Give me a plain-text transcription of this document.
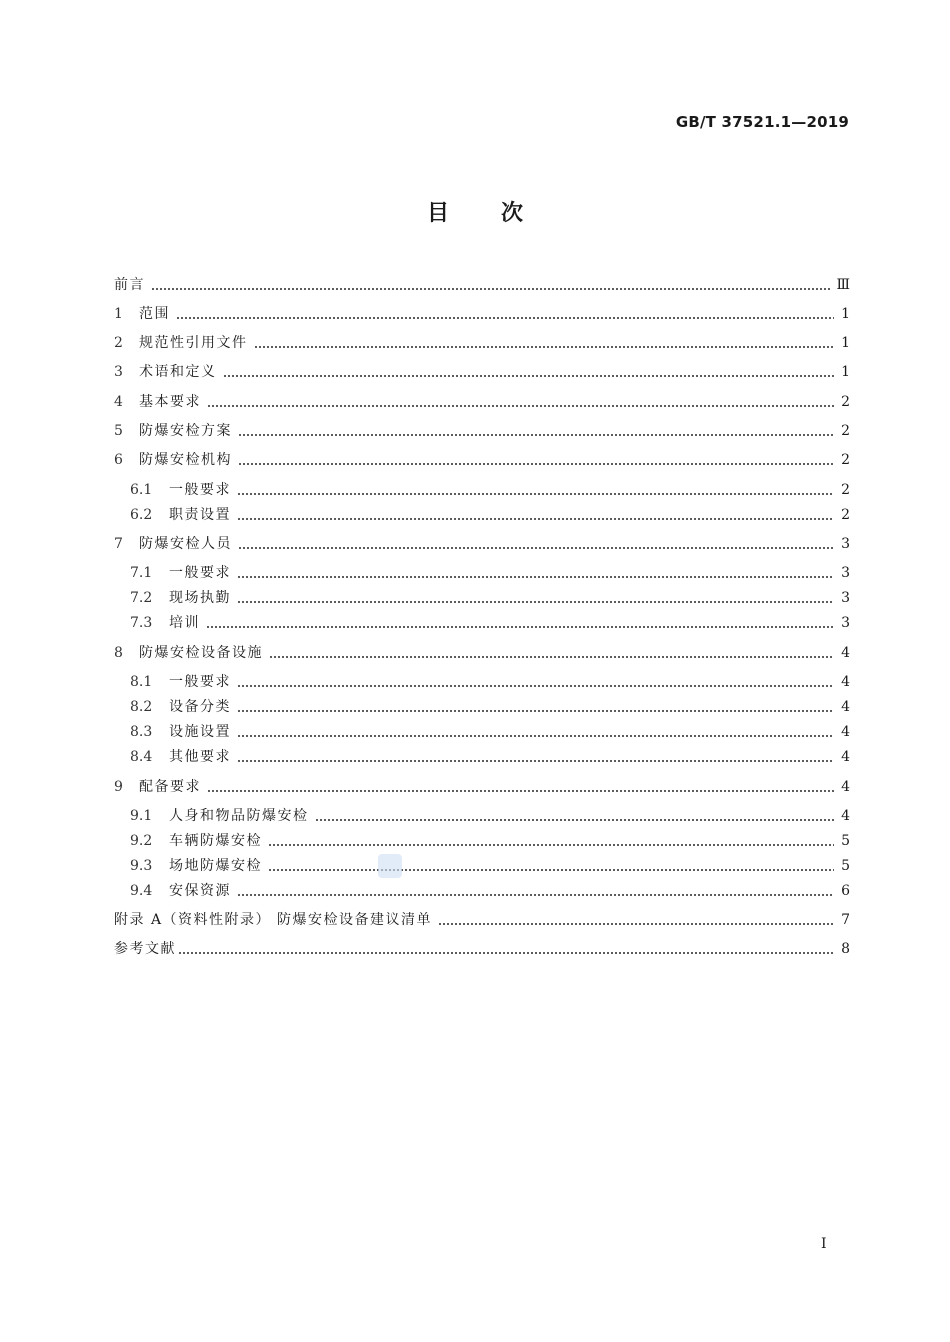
GB/T 37521.1—2019
目次
前言	Ⅲ
1	范围	1
2	规范性引用文件	1
3	术语和定义	1
4	基本要求	2
5	防爆安检方案	2
6	防爆安检机构	2
6.1	一般要求	2
6.2	职责设置	2
7	防爆安检人员	3
7.1	一般要求	3
7.2	现场执勤	3
7.3	培训	3
8	防爆安检设备设施	4
8.1	一般要求	4
8.2	设备分类	4
8.3	设施设置	4
8.4	其他要求	4
9	配备要求	4
9.1	人身和物品防爆安检	4
9.2	车辆防爆安检	5
9.3	场地防爆安检	5
9.4	安保资源	6
附录 A（资料性附录） 防爆安检设备建议清单	7
参考文献	8
I
